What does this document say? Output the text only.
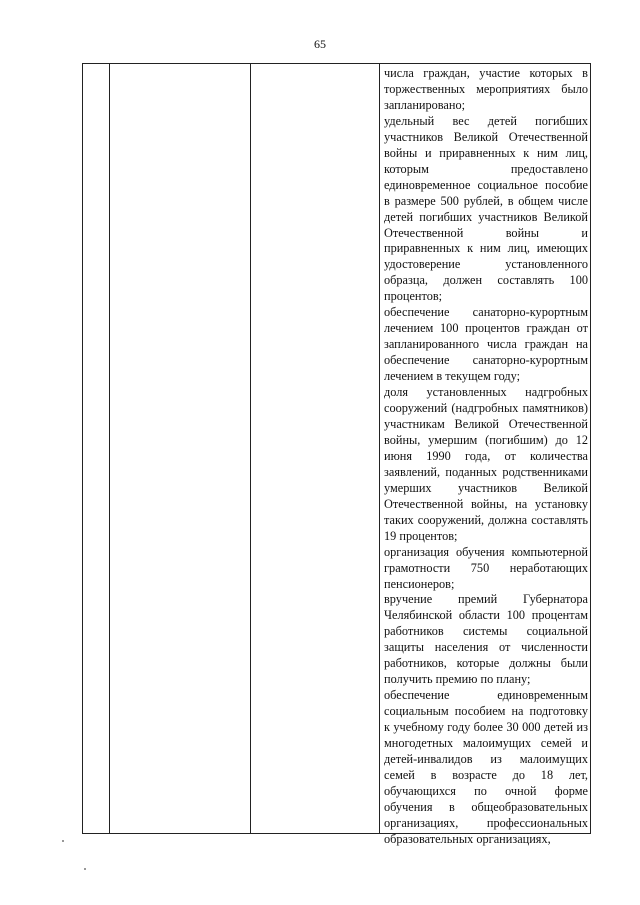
65

числа граждан, участие которых в торжественных мероприятиях было запланировано;
удельный вес детей погибших участников Великой Отечественной войны и приравненных к ним лиц, которым предоставлено единовременное социальное пособие в размере 500 рублей, в общем числе детей погибших участников Великой Отечественной войны и приравненных к ним лиц, имеющих удостоверение установленного образца, должен составлять 100 процентов;
обеспечение санаторно-курортным лечением 100 процентов граждан от запланированного числа граждан на обеспечение санаторно-курортным лечением в текущем году;
доля установленных надгробных сооружений (надгробных памятников) участникам Великой Отечественной войны, умершим (погибшим) до 12 июня 1990 года, от количества заявлений, поданных родственниками умерших участников Великой Отечественной войны, на установку таких сооружений, должна составлять 19 процентов;
организация обучения компьютерной грамотности 750 неработающих пенсионеров;
вручение премий Губернатора Челябинской области 100 процентам работников системы социальной защиты населения от численности работников, которые должны были получить премию по плану;
обеспечение единовременным социальным пособием на подготовку к учебному году более 30 000 детей из многодетных малоимущих семей и детей-инвалидов из малоимущих семей в возрасте до 18 лет, обучающихся по очной форме обучения в общеобразовательных организациях, профессиональных образовательных организациях,
